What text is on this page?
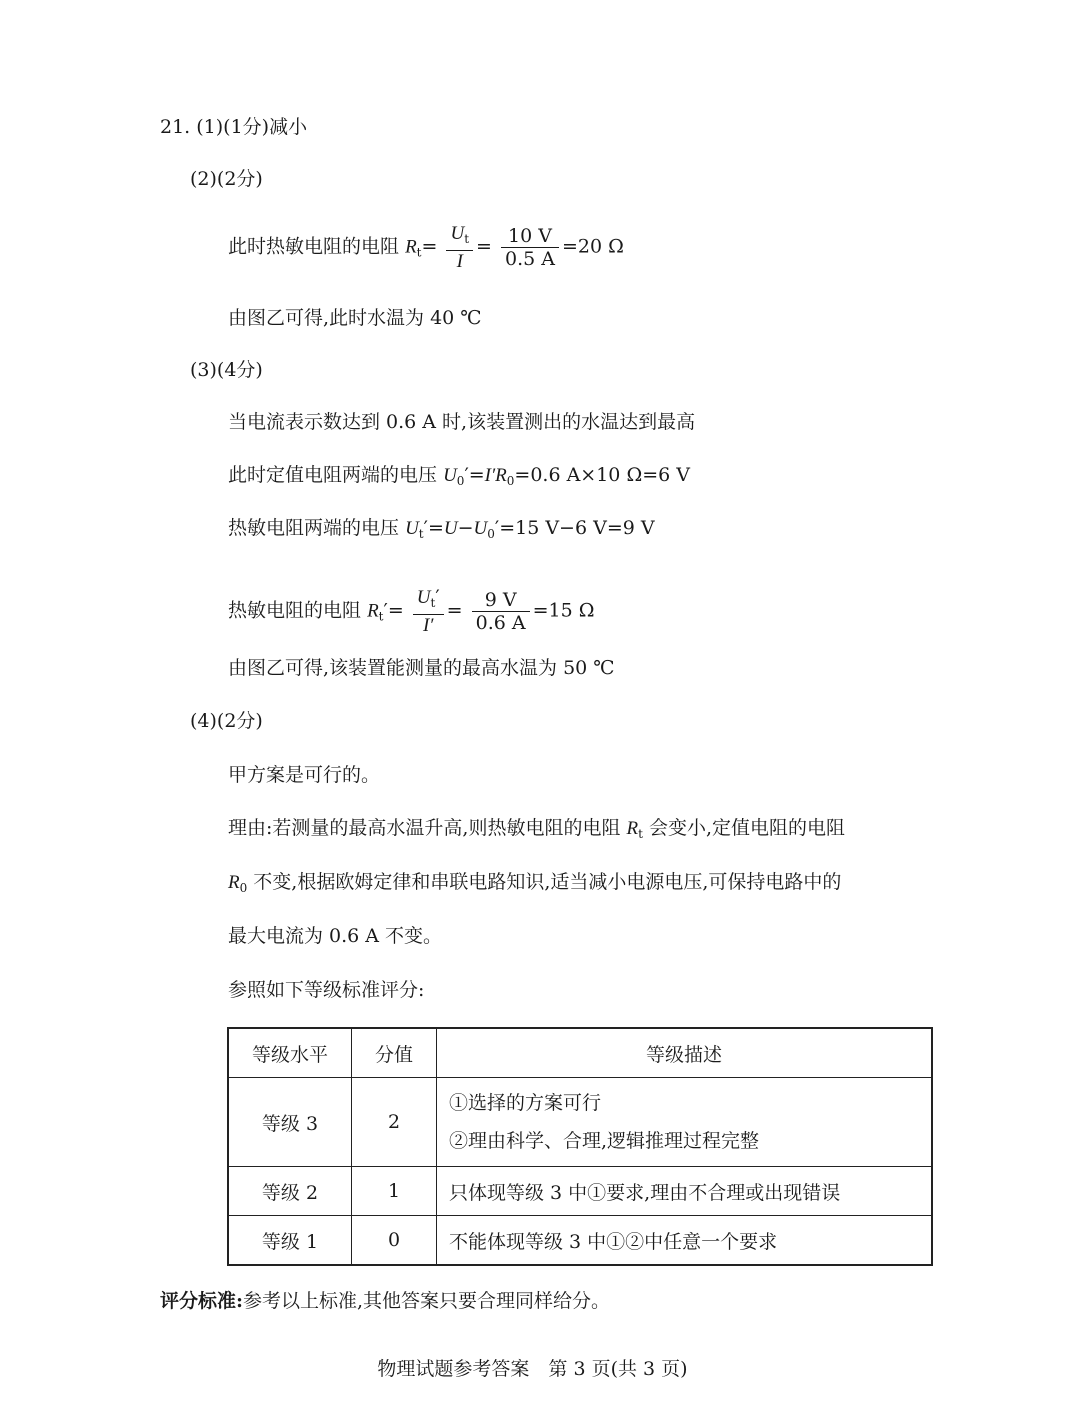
21. (1)(1分)减小
(2)(2分)
此时热敏电阻的电阻 $R_t= \frac{U_t}{I} = \frac{10 V}{0.5 A} =20$ Ω
由图乙可得,此时水温为 40 ℃
(3)(4分)
当电流表示数达到 0.6 A 时,该装置测出的水温达到最高
此时定值电阻两端的电压 $U_0'=I'R_0=0.6$ A×10 Ω=6 V
热敏电阻两端的电压 $U_t'=U-U_0'=15$ V−6 V=9 V
热敏电阻的电阻 $R_t'= \frac{U_t'}{I'} = \frac{9 V}{0.6 A} =15$ Ω
由图乙可得,该装置能测量的最高水温为 50 ℃
(4)(2分)
甲方案是可行的。
理由:若测量的最高水温升高,则热敏电阻的电阻 $R_t$ 会变小,定值电阻的电阻
$R_0$ 不变,根据欧姆定律和串联电路知识,适当减小电源电压,可保持电路中的
最大电流为 0.6 A 不变。
参照如下等级标准评分:
等级水平	分值	等级描述
等级 3	2	①选择的方案可行
②理由科学、合理,逻辑推理过程完整

等级 2	1	只体现等级 3 中①要求,理由不合理或出现错误
等级 1	0	不能体现等级 3 中①②中任意一个要求
评分标准:参考以上标准,其他答案只要合理同样给分。
物理试题参考答案　第 3 页(共 3 页)
